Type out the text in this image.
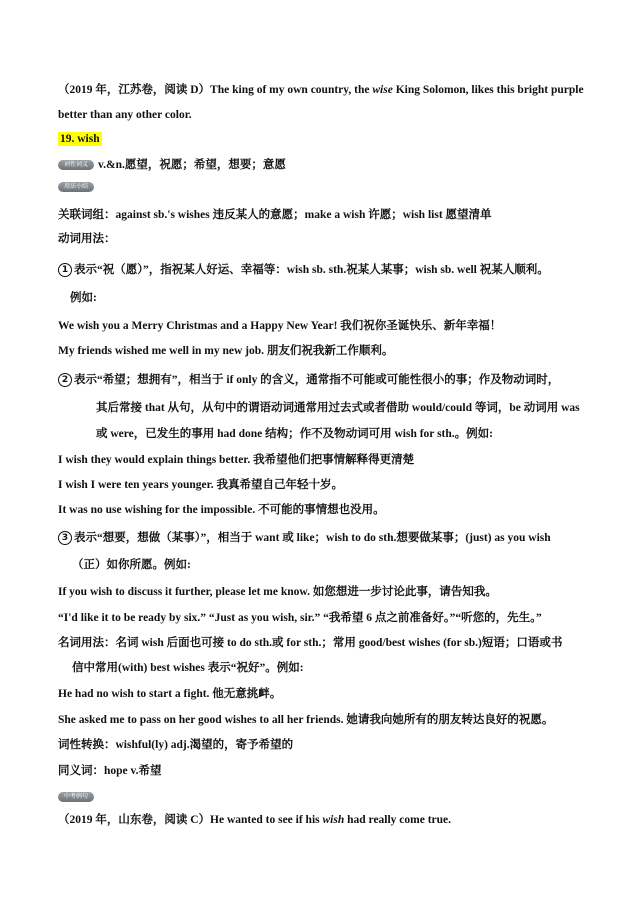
（2019 年，江苏卷，阅读 D）The king of my own country, the wise King Solomon, likes this bright purple
better than any other color.
19. wish
词性词义 v.&n.愿望，祝愿；希望，想要；意愿
用法小结
关联词组：against sb.'s wishes 违反某人的意愿；make a wish 许愿；wish list 愿望清单
动词用法：
1 表示“祝（愿）”，指祝某人好运、幸福等：wish sb. sth.祝某人某事；wish sb. well 祝某人顺利。
例如:
We wish you a Merry Christmas and a Happy New Year! 我们祝你圣诞快乐、新年幸福！
My friends wished me well in my new job. 朋友们祝我新工作顺利。
2 表示“希望；想拥有”，相当于 if only 的含义，通常指不可能或可能性很小的事；作及物动词时，
其后常接 that 从句，从句中的谓语动词通常用过去式或者借助 would/could 等词，be 动词用 was
或 were，已发生的事用 had done 结构；作不及物动词可用 wish for sth.。例如:
I wish they would explain things better. 我希望他们把事情解释得更清楚
I wish I were ten years younger. 我真希望自己年轻十岁。
It was no use wishing for the impossible. 不可能的事情想也没用。
3 表示“想要，想做（某事）”，相当于 want 或 like；wish to do sth.想要做某事；(just) as you wish
（正）如你所愿。例如:
If you wish to discuss it further, please let me know. 如您想进一步讨论此事，请告知我。
“I'd like it to be ready by six.” “Just as you wish, sir.” “我希望 6 点之前准备好。”“听您的，先生。”
名词用法：名词 wish 后面也可接 to do sth.或 for sth.；常用 good/best wishes (for sb.)短语；口语或书
信中常用(with) best wishes 表示“祝好”。例如:
He had no wish to start a fight. 他无意挑衅。
She asked me to pass on her good wishes to all her friends. 她请我向她所有的朋友转达良好的祝愿。
词性转换：wishful(ly) adj.渴望的，寄予希望的
同义词：hope v.希望
中考例句
（2019 年，山东卷，阅读 C）He wanted to see if his wish had really come true.
